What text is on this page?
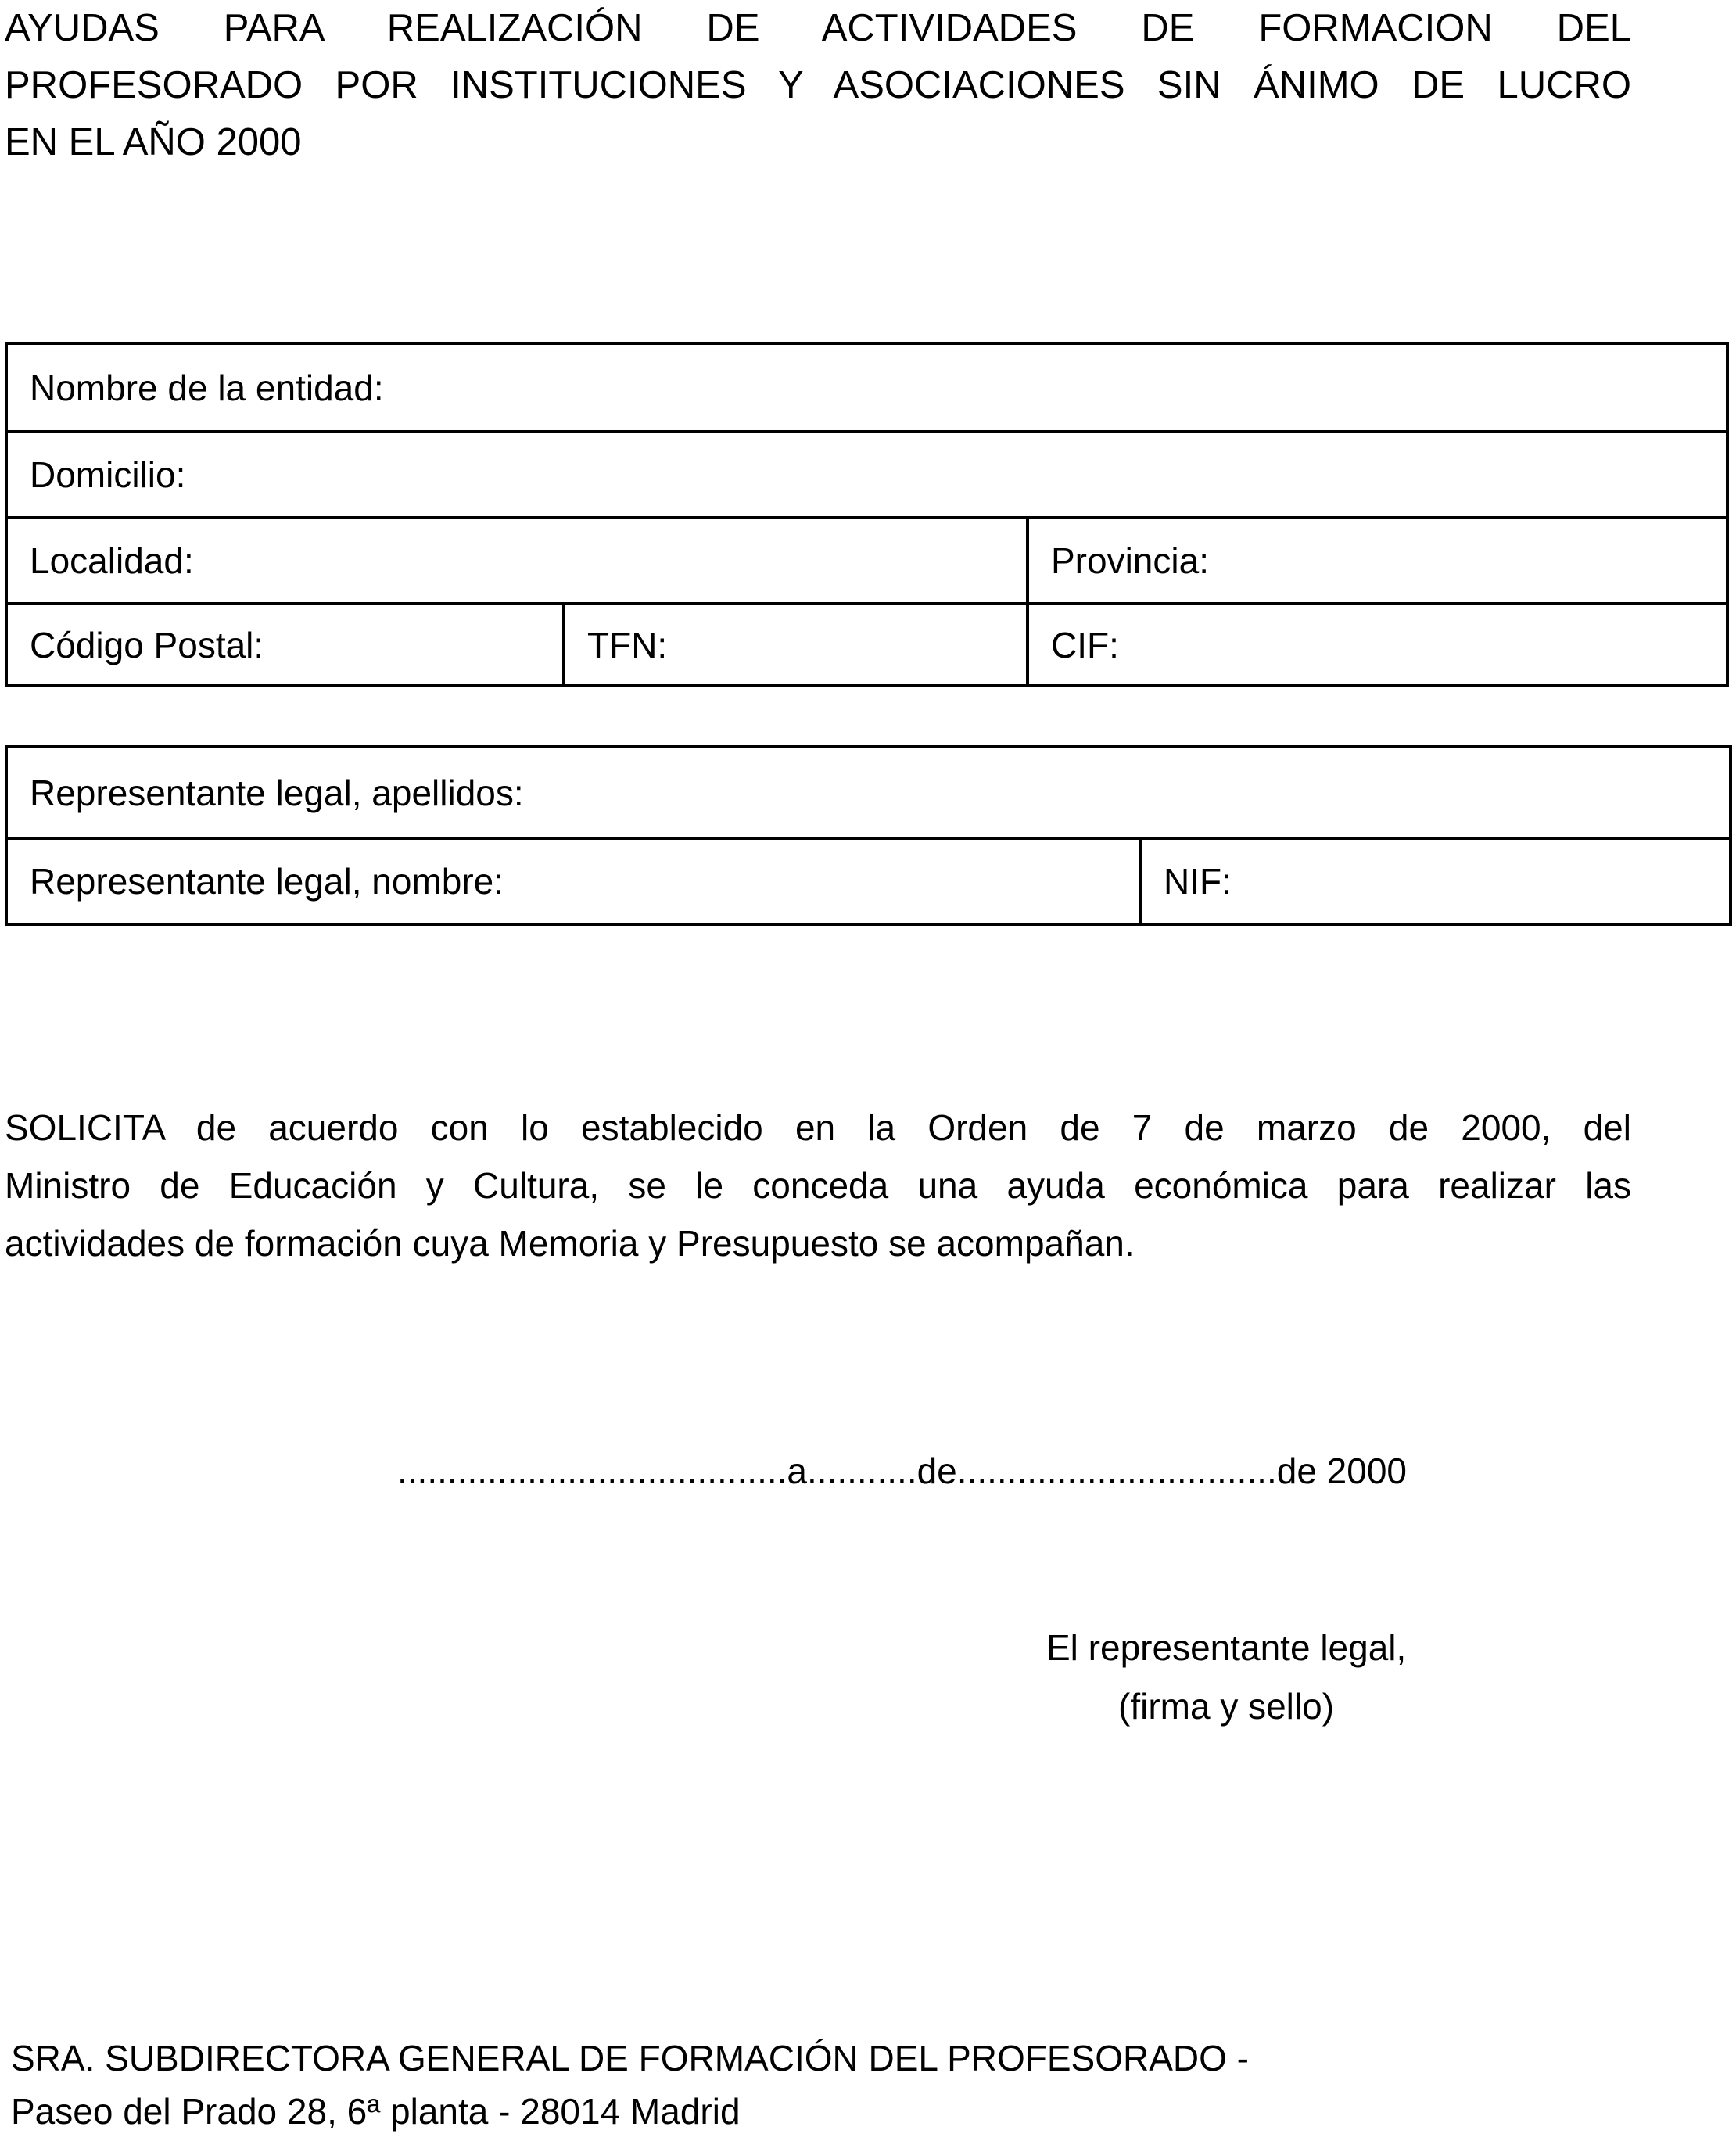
AYUDAS PARA REALIZACIÓN DE ACTIVIDADES DE FORMACION DEL
PROFESORADO POR INSTITUCIONES Y ASOCIACIONES SIN ÁNIMO DE LUCRO
EN EL AÑO 2000
Nombre de la entidad:
Domicilio:
Localidad:	Provincia:
Código Postal:	TFN:	CIF:
Representante legal, apellidos:
Representante legal, nombre:	NIF:

SOLICITA de acuerdo con lo establecido en la Orden de 7 de marzo de 2000, del
Ministro de Educación y Cultura, se le conceda una ayuda económica para realizar las
actividades de formación cuya Memoria y Presupuesto se acompañan.

.......................................a...........de................................de 2000
El representante legal,
(firma y sello)
SRA. SUBDIRECTORA GENERAL DE FORMACIÓN DEL PROFESORADO -
Paseo del Prado 28, 6ª planta - 28014 Madrid
